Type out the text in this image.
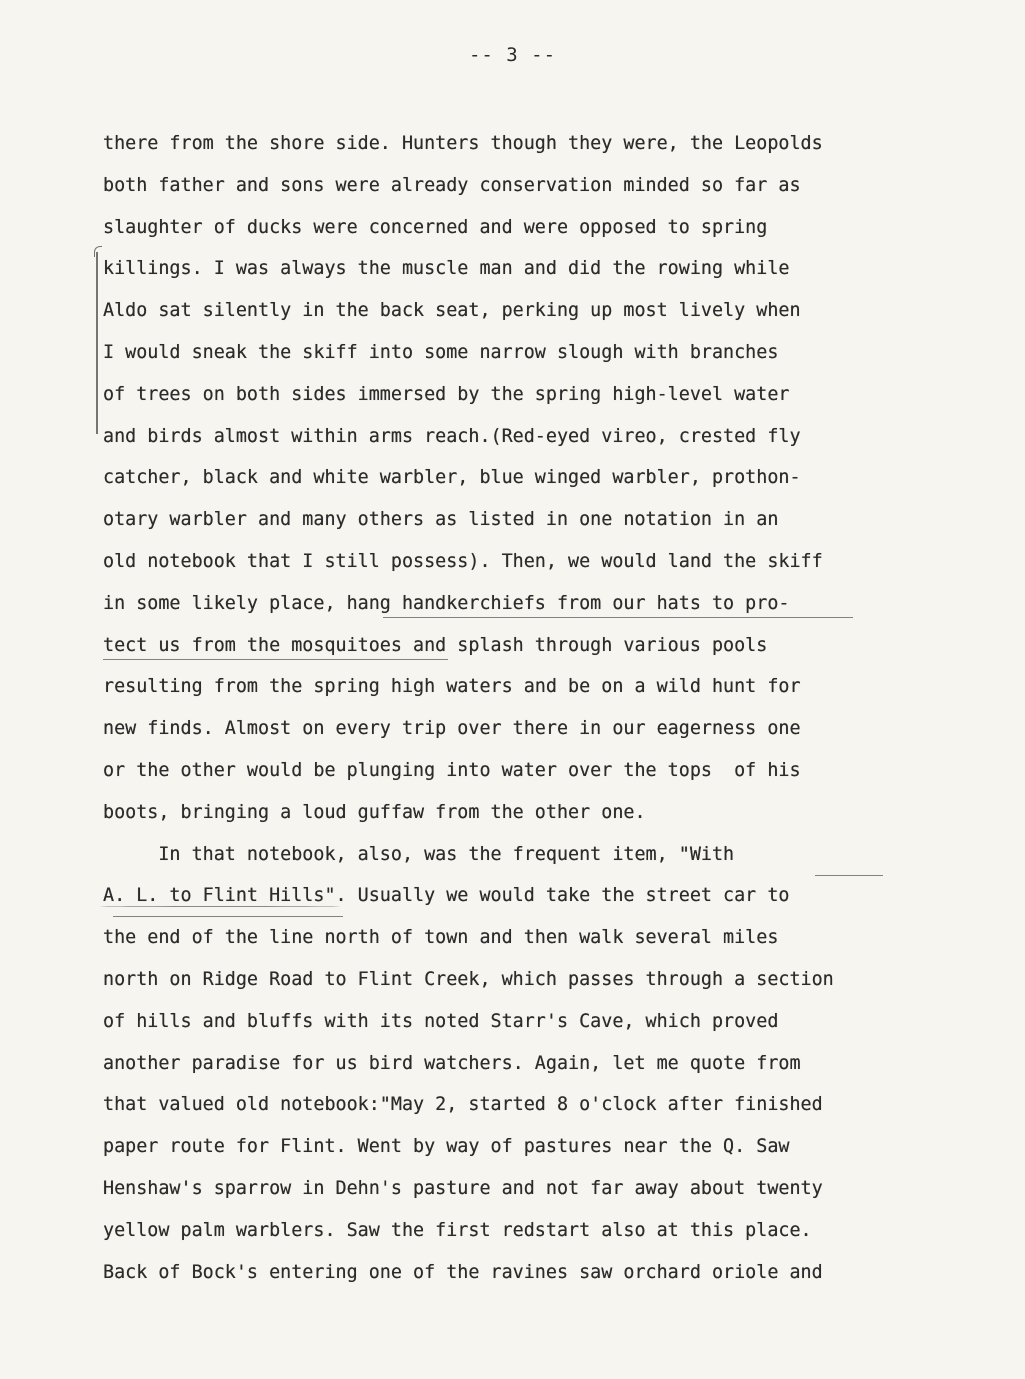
-- 3 --
there from the shore side. Hunters though they were, the Leopolds
both father and sons were already conservation minded so far as
slaughter of ducks were concerned and were opposed to spring
killings. I was always the muscle man and did the rowing while
Aldo sat silently in the back seat, perking up most lively when
I would sneak the skiff into some narrow slough with branches
of trees on both sides immersed by the spring high-level water
and birds almost within arms reach.(Red-eyed vireo, crested fly
catcher, black and white warbler, blue winged warbler, prothon-
otary warbler and many others as listed in one notation in an
old notebook that I still possess). Then, we would land the skiff
in some likely place, hang handkerchiefs from our hats to pro-
tect us from the mosquitoes and splash through various pools
resulting from the spring high waters and be on a wild hunt for
new finds. Almost on every trip over there in our eagerness one
or the other would be plunging into water over the tops  of his
boots, bringing a loud guffaw from the other one.
In that notebook, also, was the frequent item, "With
A. L. to Flint Hills". Usually we would take the street car to
the end of the line north of town and then walk several miles
north on Ridge Road to Flint Creek, which passes through a section
of hills and bluffs with its noted Starr's Cave, which proved
another paradise for us bird watchers. Again, let me quote from
that valued old notebook:"May 2, started 8 o'clock after finished
paper route for Flint. Went by way of pastures near the Q. Saw
Henshaw's sparrow in Dehn's pasture and not far away about twenty
yellow palm warblers. Saw the first redstart also at this place.
Back of Bock's entering one of the ravines saw orchard oriole and
